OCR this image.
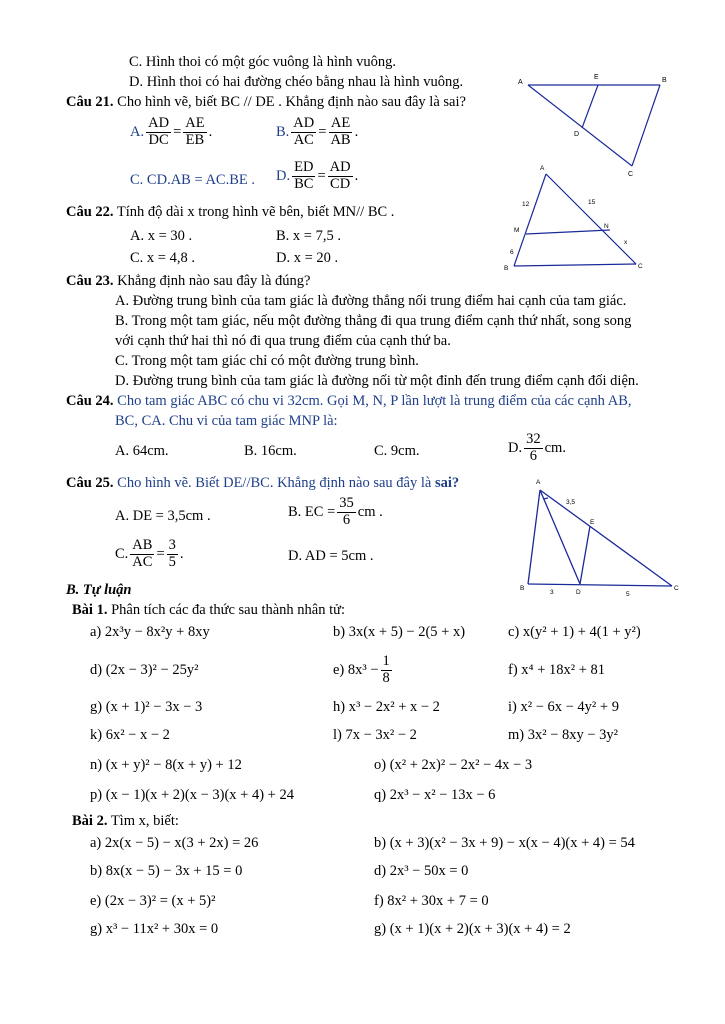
C. Hình thoi có một góc vuông là hình vuông.
D. Hình thoi có hai đường chéo bằng nhau là hình vuông.
Câu 21. Cho hình vẽ, biết BC // DE . Khẳng định nào sau đây là sai?
A. $\frac{AD}{DC} = \frac{AE}{EB}$ .	B. $\frac{AD}{AC} = \frac{AE}{AB}$ .
C. CD.AB = AC.BE . D. $\frac{ED}{BC} = \frac{AD}{CD}$ .
A
E	B
D
C
Câu 22. Tính độ dài x trong hình vẽ bên, biết MN// BC .
A. x = 30 .	B. x = 7,5 .
C. x = 4,8 .	D. x = 20 .
A
M
N
B	C
12	15
6
x
Câu 23. Khẳng định nào sau đây là đúng?
A. Đường trung bình của tam giác là đường thẳng nối trung điểm hai cạnh của tam giác.
B. Trong một tam giác, nếu một đường thẳng đi qua trung điểm cạnh thứ nhất, song song
với cạnh thứ hai thì nó đi qua trung điểm của cạnh thứ ba.
C. Trong một tam giác chỉ có một đường trung bình.
D. Đường trung bình của tam giác là đường nối từ một đỉnh đến trung điểm cạnh đối diện.
Câu 24. Cho tam giác ABC có chu vi 32cm. Gọi M, N, P lần lượt là trung điểm của các cạnh AB,
BC, CA. Chu vi của tam giác MNP là:
A. 64cm.	B. 16cm.	C. 9cm.	D. $\frac{32}{6}$ cm.
Câu 25. Cho hình vẽ. Biết DE//BC. Khẳng định nào sau đây là sai?
A. DE = 3,5cm .	B. EC = $\frac{35}{6}$ cm .
C. $\frac{AB}{AC} = \frac{3}{5}$ .	D. AD = 5cm .
A
E
B
D
C
3,5
3	5
B. Tự luận
Bài 1. Phân tích các đa thức sau thành nhân tử:
a) 2x³y − 8x²y + 8xy	b) 3x(x + 5) − 2(5 + x)	c) x(y² + 1) + 4(1 + y²)
d) (2x − 3)² − 25y²	e) $8x^3 - \frac{1}{8}$	f) x⁴ + 18x² + 81
g) (x + 1)² − 3x − 3	h) x³ − 2x² + x − 2	i) x² − 6x − 4y² + 9
k) 6x² − x − 2	l) 7x − 3x² − 2	m) 3x² − 8xy − 3y²
n) (x + y)² − 8(x + y) + 12	o) (x² + 2x)² − 2x² − 4x − 3
p) (x − 1)(x + 2)(x − 3)(x + 4) + 24	q) 2x³ − x² − 13x − 6
Bài 2. Tìm x, biết:
a) 2x(x − 5) − x(3 + 2x) = 26	b) (x + 3)(x² − 3x + 9) − x(x − 4)(x + 4) = 54
b) 8x(x − 5) − 3x + 15 = 0	d) 2x³ − 50x = 0
e) (2x − 3)² = (x + 5)²	f) 8x² + 30x + 7 = 0
g) x³ − 11x² + 30x = 0	g) (x + 1)(x + 2)(x + 3)(x + 4) = 2
